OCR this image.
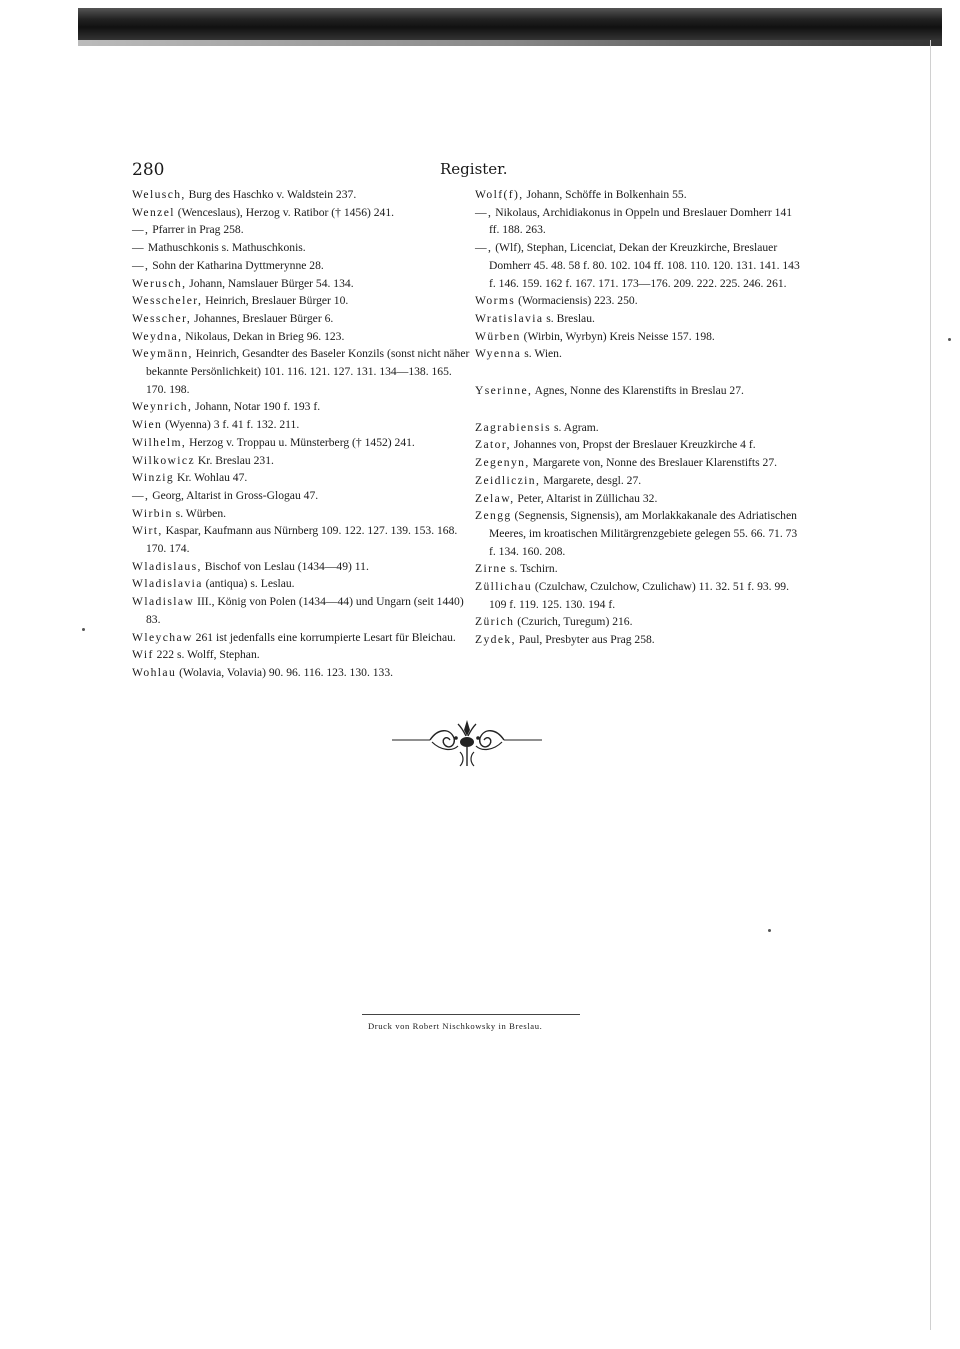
280	Register.
Welusch, Burg des Haschko v. Waldstein 237.
Wenzel (Wenceslaus), Herzog v. Ratibor († 1456) 241.
—, Pfarrer in Prag 258.
— Mathuschkonis s. Mathuschkonis.
—, Sohn der Katharina Dyttmerynne 28.
Werusch, Johann, Namslauer Bürger 54. 134.
Wesscheler, Heinrich, Breslauer Bürger 10.
Wesscher, Johannes, Breslauer Bürger 6.
Weydna, Nikolaus, Dekan in Brieg 96. 123.
Weymänn, Heinrich, Gesandter des Baseler Konzils (sonst nicht näher bekannte Persönlichkeit) 101. 116. 121. 127. 131. 134—138. 165. 170. 198.
Weynrich, Johann, Notar 190 f. 193 f.
Wien (Wyenna) 3 f. 41 f. 132. 211.
Wilhelm, Herzog v. Troppau u. Münsterberg († 1452) 241.
Wilkowicz Kr. Breslau 231.
Winzig Kr. Wohlau 47.
—, Georg, Altarist in Gross-Glogau 47.
Wirbin s. Würben.
Wirt, Kaspar, Kaufmann aus Nürnberg 109. 122. 127. 139. 153. 168. 170. 174.
Wladislaus, Bischof von Leslau (1434—49) 11.
Wladislavia (antiqua) s. Leslau.
Wladislaw III., König von Polen (1434—44) und Ungarn (seit 1440) 83.
Wleychaw 261 ist jedenfalls eine korrumpierte Lesart für Bleichau.
Wif 222 s. Wolff, Stephan.
Wohlau (Wolavia, Volavia) 90. 96. 116. 123. 130. 133.
Wolf(f), Johann, Schöffe in Bolkenhain 55.
—, Nikolaus, Archidiakonus in Oppeln und Breslauer Domherr 141 ff. 188. 263.
—, (Wlf), Stephan, Licenciat, Dekan der Kreuzkirche, Breslauer Domherr 45. 48. 58 f. 80. 102. 104 ff. 108. 110. 120. 131. 141. 143 f. 146. 159. 162 f. 167. 171. 173—176. 209. 222. 225. 246. 261.
Worms (Wormaciensis) 223. 250.
Wratislavia s. Breslau.
Würben (Wirbin, Wyrbyn) Kreis Neisse 157. 198.
Wyenna s. Wien.
Yserinne, Agnes, Nonne des Klarenstifts in Breslau 27.
Zagrabiensis s. Agram.
Zator, Johannes von, Propst der Breslauer Kreuzkirche 4 f.
Zegenyn, Margarete von, Nonne des Breslauer Klarenstifts 27.
Zeidliczin, Margarete, desgl. 27.
Zelaw, Peter, Altarist in Züllichau 32.
Zengg (Segnensis, Signensis), am Morlakkakanale des Adriatischen Meeres, im kroatischen Militärgrenzgebiete gelegen 55. 66. 71. 73 f. 134. 160. 208.
Zirne s. Tschirn.
Züllichau (Czulchaw, Czulchow, Czulichaw) 11. 32. 51 f. 93. 99. 109 f. 119. 125. 130. 194 f.
Zürich (Czurich, Turegum) 216.
Zydek, Paul, Presbyter aus Prag 258.
Druck von Robert Nischkowsky in Breslau.
